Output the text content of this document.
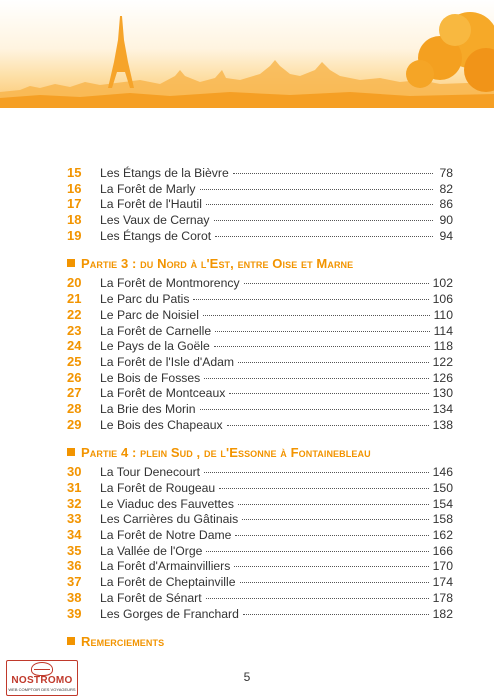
15	Les Étangs de la Bièvre	78
16	La Forêt de Marly	82
17	La Forêt de l'Hautil	86
18	Les Vaux de Cernay	90
19	Les Étangs de Corot	94
Partie 3 : du Nord à l'Est, entre Oise et Marne
20	La Forêt de Montmorency	102
21	Le Parc du Patis	106
22	Le Parc de Noisiel	110
23	La Forêt de Carnelle	114
24	Le Pays de la Goële	118
25	La Forêt de l'Isle d'Adam	122
26	Le Bois de Fosses	126
27	La Forêt de Montceaux	130
28	La Brie des Morin	134
29	Le Bois des Chapeaux	138
Partie 4 : plein Sud , de l'Essonne à Fontainebleau
30	La Tour Denecourt	146
31	La Forêt de Rougeau	150
32	Le Viaduc des Fauvettes	154
33	Les Carrières du Gâtinais	158
34	La Forêt de Notre Dame	162
35	La Vallée de l'Orge	166
36	La Forêt d'Armainvilliers	170
37	La Forêt de Cheptainville	174
38	La Forêt de Sénart	178
39	Les Gorges de Franchard	182
Remerciements
5
NOSTROMO
WEB COMPTOIR DES VOYAGEURS
